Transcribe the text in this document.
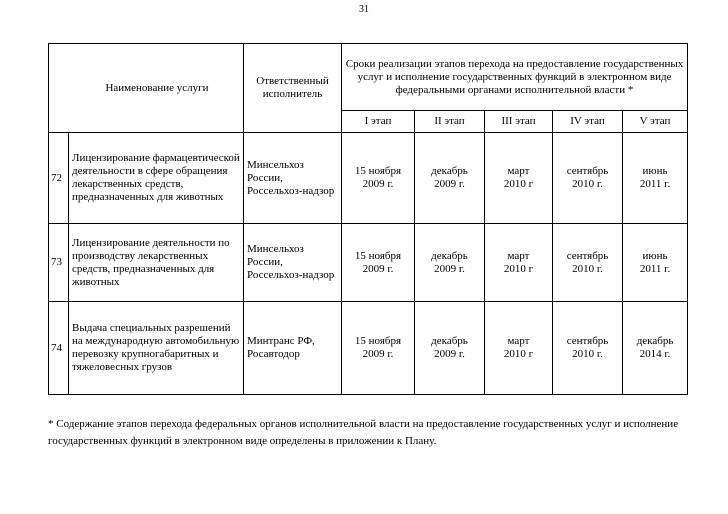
31
Наименование услуги		Ответственный исполнитель	Сроки реализации этапов перехода на предоставление государственных услуг и исполнение государственных функций в электронном виде федеральными органами исполнительной власти *				
			I этап	II этап	III этап	IV этап	V этап
72	Лицензирование фармацевтической деятельности в сфере обращения лекарственных средств, предназначенных для животных	Минсельхоз России, Россельхоз-надзор	15 ноября
2009 г.	декабрь
2009 г.	март
2010 г	сентябрь
2010 г.	июнь
2011 г.

73	Лицензирование деятельности по производству лекарственных средств, предназначенных для животных	Минсельхоз России, Россельхоз-надзор	15 ноября
2009 г.	декабрь
2009 г.	март
2010 г	сентябрь
2010 г.	июнь
2011 г.

74	Выдача специальных разрешений на международную автомобильную перевозку крупногабаритных и тяжеловесных грузов	Минтранс РФ, Росавтодор	15 ноября
2009 г.	декабрь
2009 г.	март
2010 г	сентябрь
2010 г.	декабрь
2014 г.
* Содержание этапов перехода федеральных органов исполнительной власти на предоставление государственных услуг и исполнение государственных функций в электронном виде определены в приложении к Плану.
